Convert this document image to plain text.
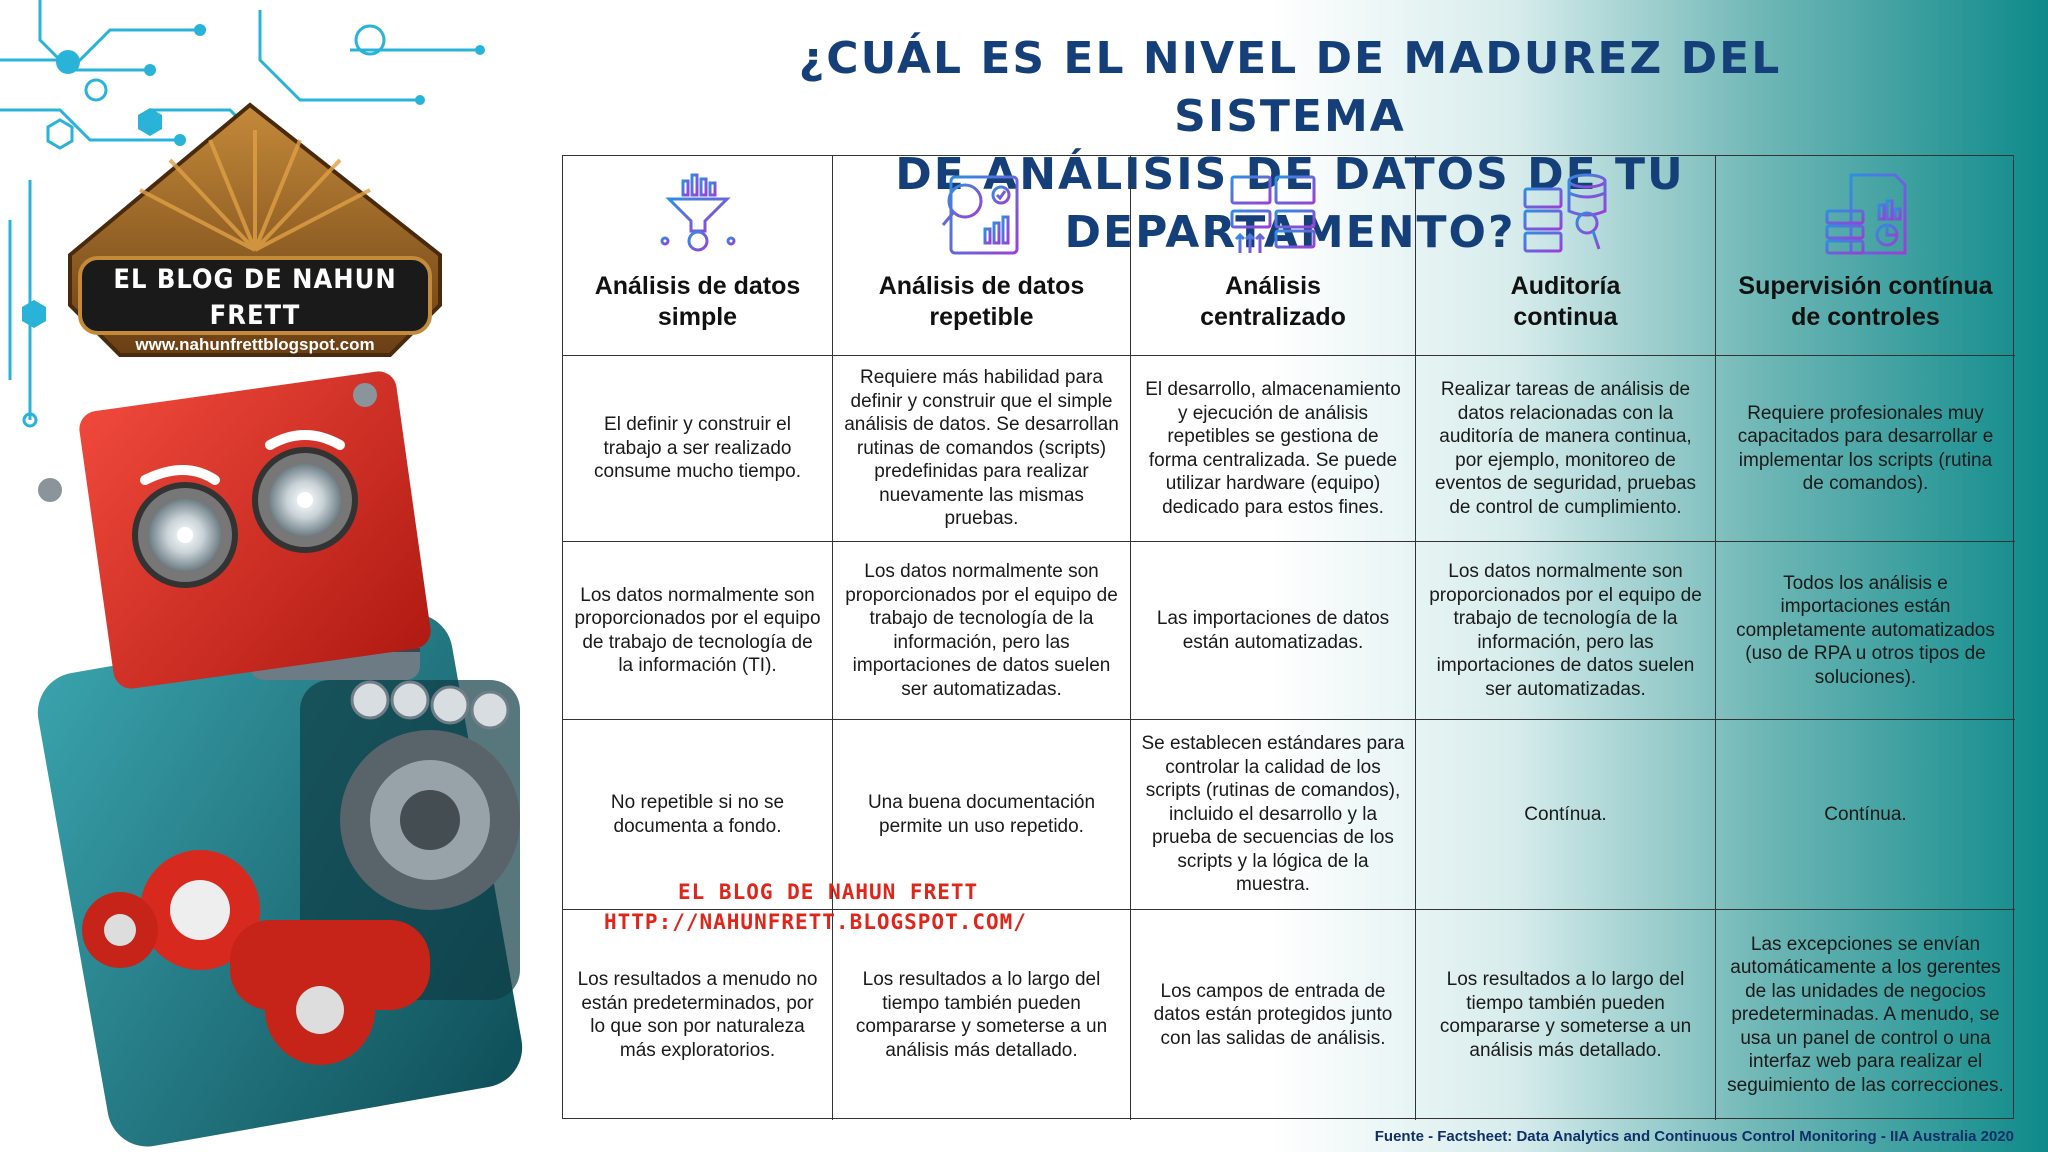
EL BLOG DE NAHUN FRETT
www.nahunfrettblogspot.com
¿CUÁL ES EL NIVEL DE MADUREZ DEL SISTEMA
DE ANÁLISIS DE DATOS DE TU DEPARTAMENTO?
Análisis de datos
simple
Análisis de datos
repetible
Análisis
centralizado
Auditoría
continua
Supervisión contínua
de controles
El definir y construir el trabajo a ser realizado consume mucho tiempo.
Requiere más habilidad para definir y construir que el simple análisis de datos. Se desarrollan rutinas de comandos (scripts) predefinidas para realizar nuevamente las mismas pruebas.
El desarrollo, almacenamiento y ejecución de análisis repetibles se gestiona de forma centralizada. Se puede utilizar hardware (equipo) dedicado para estos fines.
Realizar tareas de análisis de datos relacionadas con la auditoría de manera continua, por ejemplo, monitoreo de eventos de seguridad, pruebas de control de cumplimiento.
Requiere profesionales muy capacitados para desarrollar e implementar los scripts (rutina de comandos).
Los datos normalmente son proporcionados por el equipo de trabajo de tecnología de la información (TI).
Los datos normalmente son proporcionados por el equipo de trabajo de tecnología de la información, pero las importaciones de datos suelen ser automatizadas.
Las importaciones de datos están automatizadas.
Los datos normalmente son proporcionados por el equipo de trabajo de tecnología de la información, pero las importaciones de datos suelen ser automatizadas.
Todos los análisis e importaciones están completamente automatizados (uso de RPA u otros tipos de soluciones).
No repetible si no se documenta a fondo.
Una buena documentación permite un uso repetido.
Se establecen estándares para controlar la calidad de los scripts (rutinas de comandos), incluido el desarrollo y la prueba de secuencias de los scripts y la lógica de la muestra.
Contínua.	Contínua.
Los resultados a menudo no están predeterminados, por lo que son por naturaleza más exploratorios.
Los resultados a lo largo del tiempo también pueden compararse y someterse a un análisis más detallado.
Los campos de entrada de datos están protegidos junto con las salidas de análisis.
Los resultados a lo largo del tiempo también pueden compararse y someterse a un análisis más detallado.
Las excepciones se envían automáticamente a los gerentes de las unidades de negocios predeterminadas. A menudo, se usa un panel de control o una interfaz web para realizar el seguimiento de las correcciones.
EL BLOG DE NAHUN FRETT
HTTP://NAHUNFRETT.BLOGSPOT.COM/
Fuente - Factsheet: Data Analytics and Continuous Control Monitoring - IIA Australia 2020
